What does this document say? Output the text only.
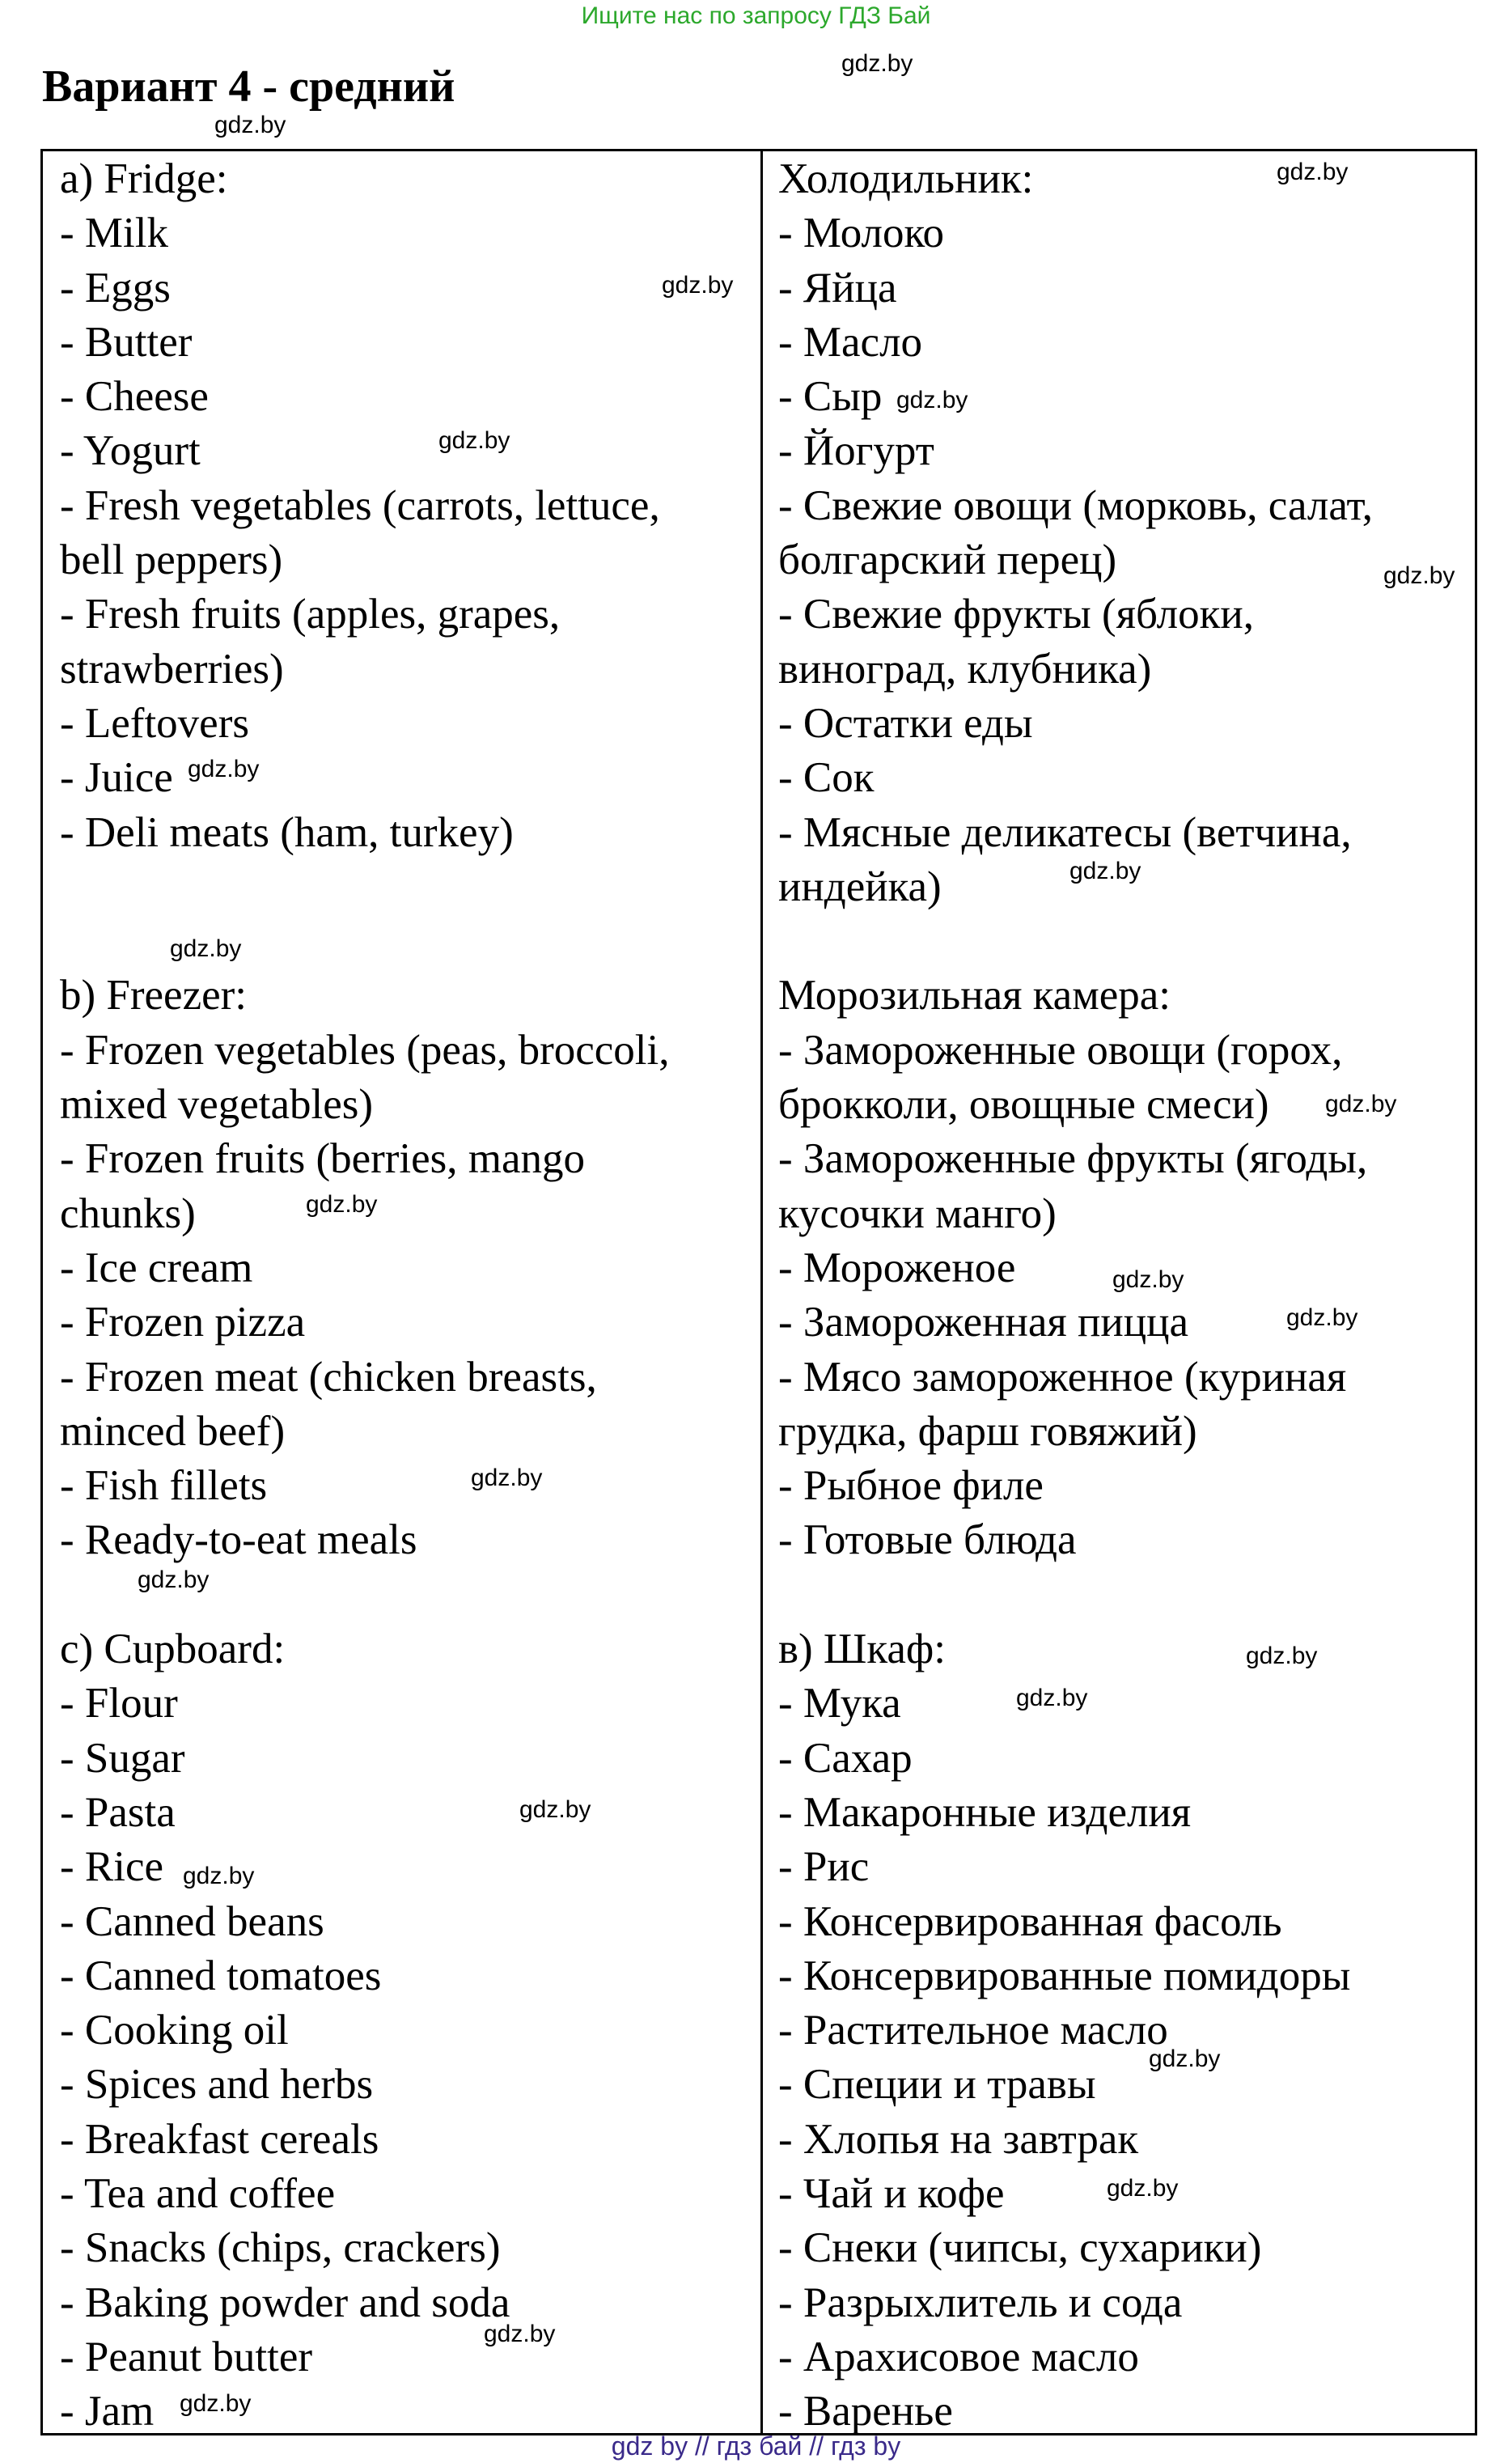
Ищите нас по запросу ГДЗ Бай
Вариант 4 - средний
a) Fridge:
- Milk
- Eggs
- Butter
- Cheese
- Yogurt
- Fresh vegetables (carrots, lettuce,
bell peppers)
- Fresh fruits (apples, grapes,
strawberries)
- Leftovers
- Juice
- Deli meats (ham, turkey)
b) Freezer:
- Frozen vegetables (peas, broccoli,
mixed vegetables)
- Frozen fruits (berries, mango
chunks)
- Ice cream
- Frozen pizza
- Frozen meat (chicken breasts,
minced beef)
- Fish fillets
- Ready-to-eat meals
c) Cupboard:
- Flour
- Sugar
- Pasta
- Rice
- Canned beans
- Canned tomatoes
- Cooking oil
- Spices and herbs
- Breakfast cereals
- Tea and coffee
- Snacks (chips, crackers)
- Baking powder and soda
- Peanut butter
- Jam
Холодильник:
- Молоко
- Яйца
- Масло
- Сыр
- Йогурт
- Свежие овощи (морковь, салат,
болгарский перец)
- Свежие фрукты (яблоки,
виноград, клубника)
- Остатки еды
- Сок
- Мясные деликатесы (ветчина,
индейка)
Морозильная камера:
- Замороженные овощи (горох,
брокколи, овощные смеси)
- Замороженные фрукты (ягоды,
кусочки манго)
- Мороженое
- Замороженная пицца
- Мясо замороженное (куриная
грудка, фарш говяжий)
- Рыбное филе
- Готовые блюда
в) Шкаф:
- Мука
- Сахар
- Макаронные изделия
- Рис
- Консервированная фасоль
- Консервированные помидоры
- Растительное масло
- Специи и травы
- Хлопья на завтрак
- Чай и кофе
- Снеки (чипсы, сухарики)
- Разрыхлитель и сода
- Арахисовое масло
- Варенье
gdz.by
gdz.by
gdz.by
gdz.by
gdz.by
gdz.by
gdz.by
gdz.by
gdz.by
gdz.by
gdz.by
gdz.by
gdz.by
gdz.by
gdz.by
gdz.by
gdz.by
gdz.by
gdz.by
gdz.by
gdz.by
gdz.by
gdz.by
gdz.by
gdz by // гдз бай // гдз by
